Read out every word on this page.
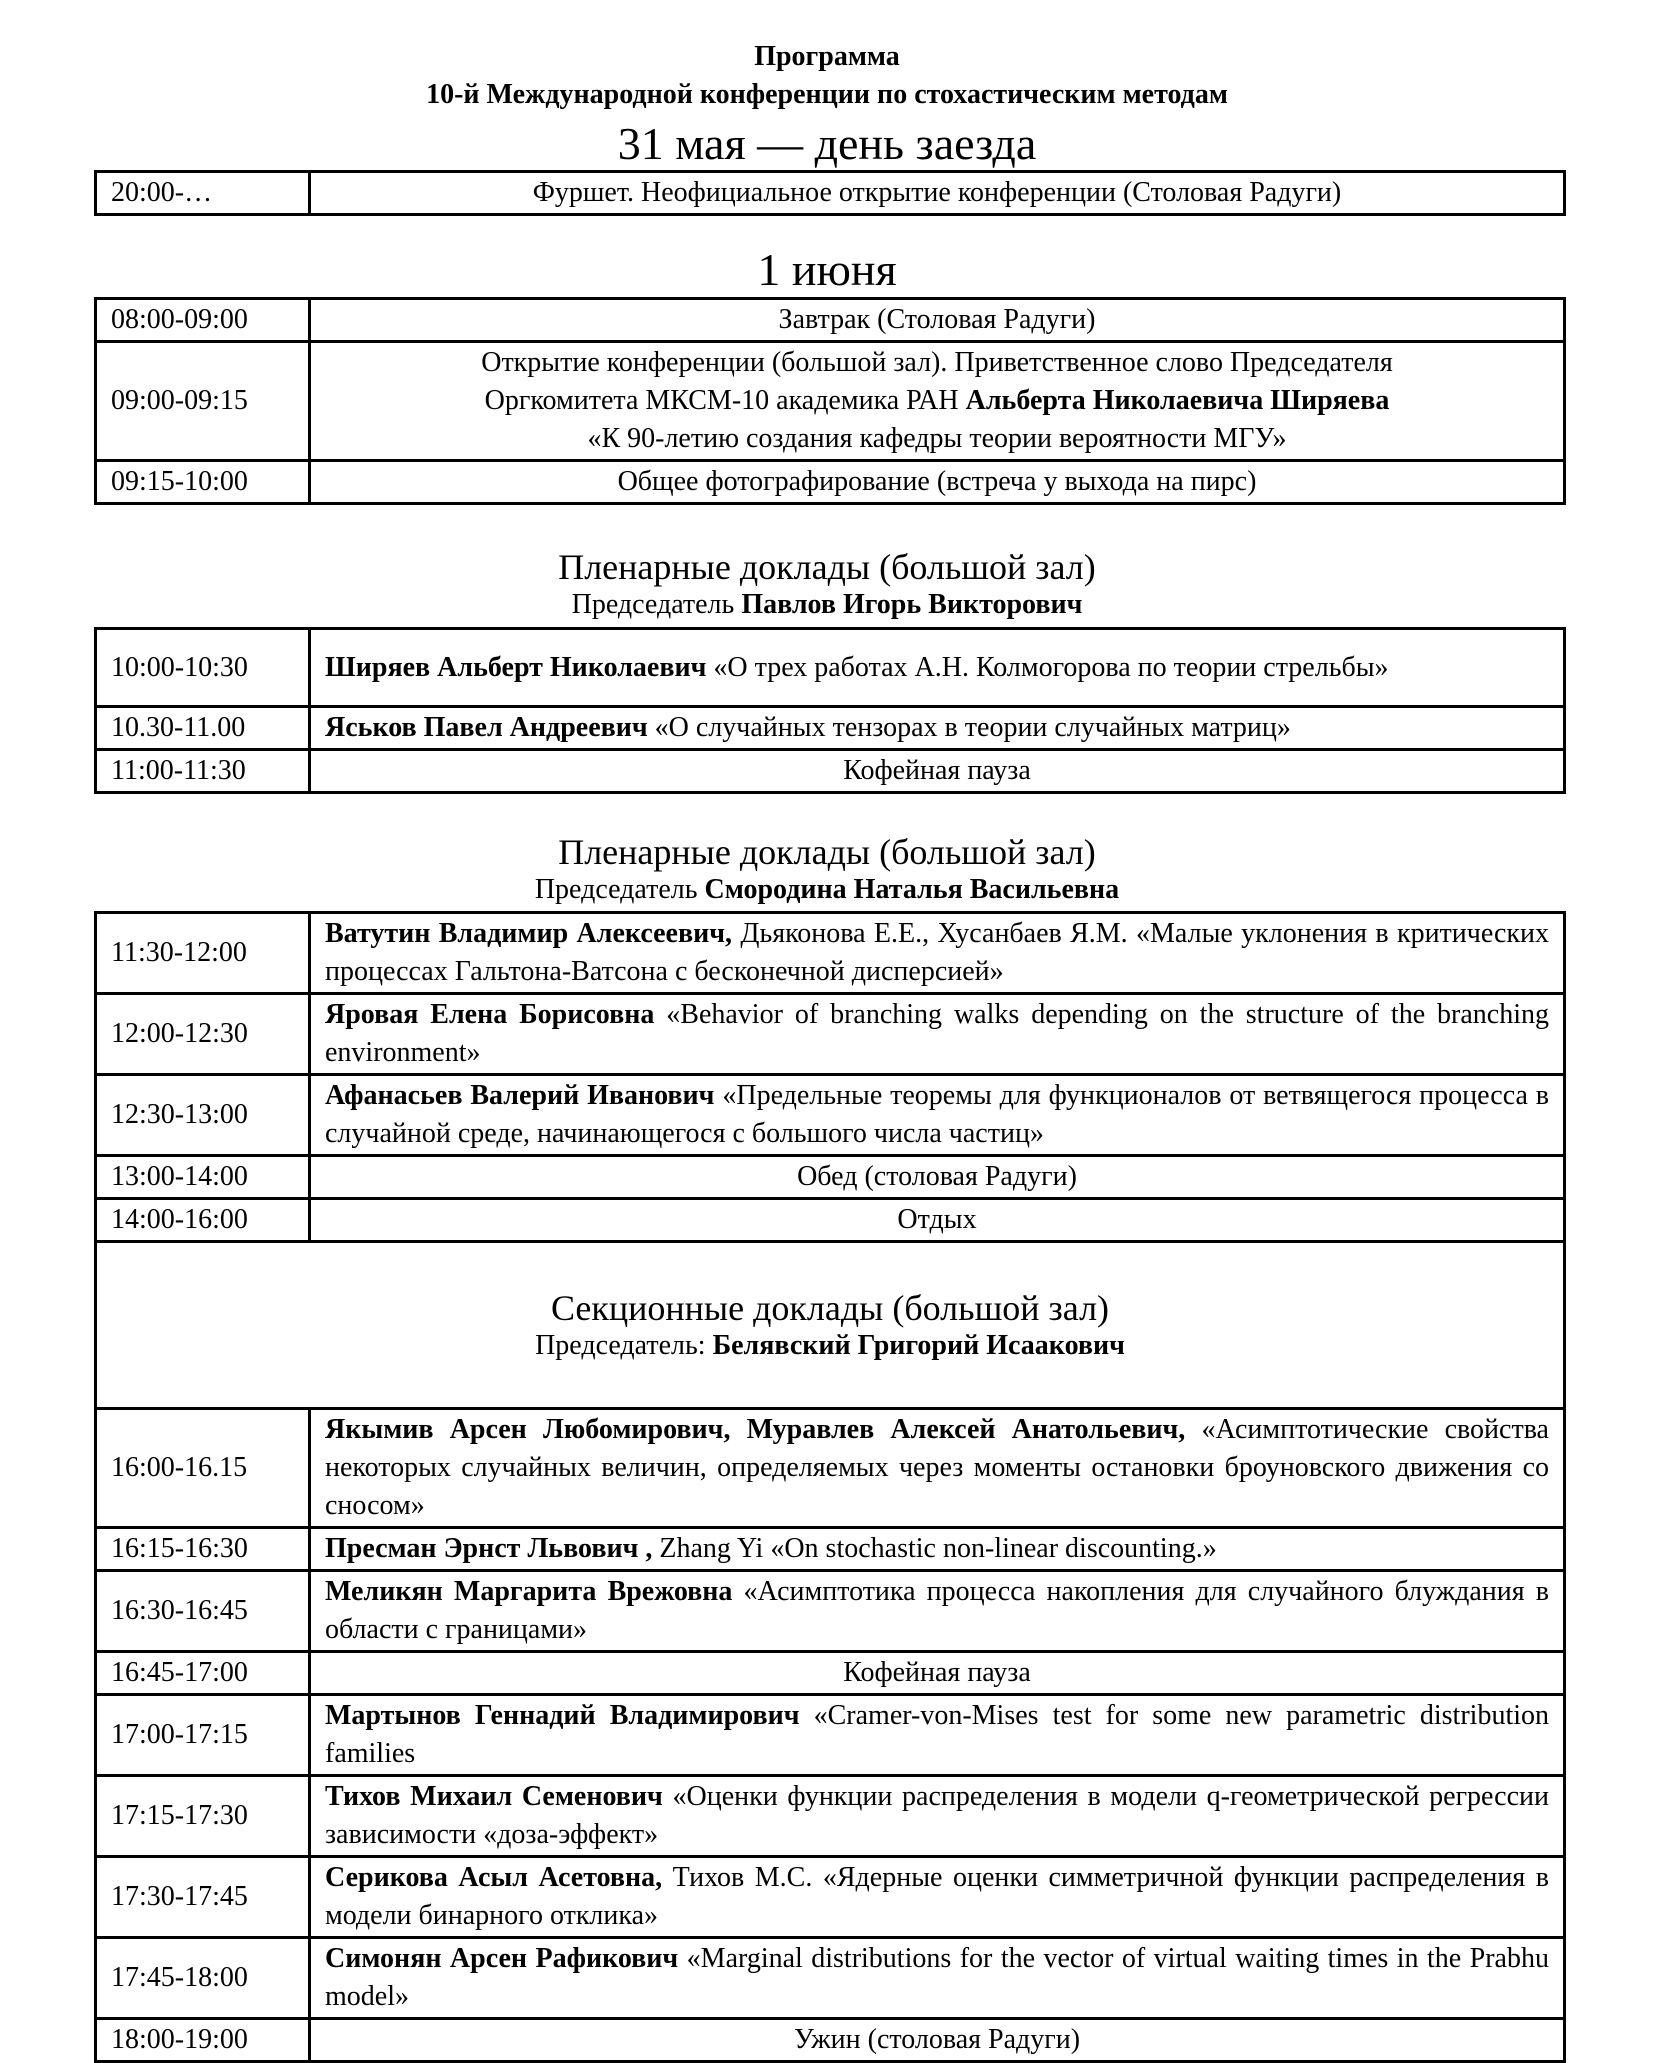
Программа
10-й Международной конференции по стохастическим методам
31 мая — день заезда
20:00-…	Фуршет. Неофициальное открытие конференции (Столовая Радуги)
1 июня
08:00-09:00	Завтрак (Столовая Радуги)
09:00-09:15	Открытие конференции (большой зал). Приветственное слово Председателя
Оргкомитета МКСМ-10 академика РАН Альберта Николаевича Ширяева
«К 90-летию создания кафедры теории вероятности МГУ»
09:15-10:00	Общее фотографирование (встреча у выхода на пирс)
Пленарные доклады (большой зал)
Председатель Павлов Игорь Викторович
10:00-10:30	Ширяев Альберт Николаевич «О трех работах А.Н. Колмогорова по теории стрельбы»
10.30-11.00	Яськов Павел Андреевич «О случайных тензорах в теории случайных матриц»
11:00-11:30	Кофейная пауза
Пленарные доклады (большой зал)
Председатель Смородина Наталья Васильевна
11:30-12:00	Ватутин Владимир Алексеевич, Дьяконова Е.Е., Хусанбаев Я.М. «Малые уклонения в критических процессах Гальтона-Ватсона с бесконечной дисперсией»
12:00-12:30	Яровая Елена Борисовна «Behavior of branching walks depending on the structure of the branching environment»
12:30-13:00	Афанасьев Валерий Иванович «Предельные теоремы для функционалов от ветвящегося процесса в случайной среде, начинающегося с большого числа частиц»
13:00-14:00	Обед (столовая Радуги)
14:00-16:00	Отдых

Секционные доклады (большой зал)
Председатель: Белявский Григорий Исаакович	

16:00-16.15	Якымив Арсен Любомирович, Муравлев Алексей Анатольевич, «Асимптотические свойства некоторых случайных величин, определяемых через моменты остановки броуновского движения со сносом»
16:15-16:30	Пресман Эрнст Львович , Zhang Yi «On stochastic non-linear discounting.»
16:30-16:45	Меликян Маргарита Врежовна «Асимптотика процесса накопления для случайного блуждания в области с границами»
16:45-17:00	Кофейная пауза
17:00-17:15	Мартынов Геннадий Владимирович «Cramer-von-Mises test for some new parametric distribution families
17:15-17:30	Тихов Михаил Семенович «Оценки функции распределения в модели q-геометрической регрессии зависимости «доза-эффект»
17:30-17:45	Серикова Асыл Асетовна, Тихов М.С. «Ядерные оценки симметричной функции распределения в модели бинарного отклика»
17:45-18:00	Симонян Арсен Рафикович «Marginal distributions for the vector of virtual waiting times in the Prabhu model»
18:00-19:00	Ужин (столовая Радуги)
